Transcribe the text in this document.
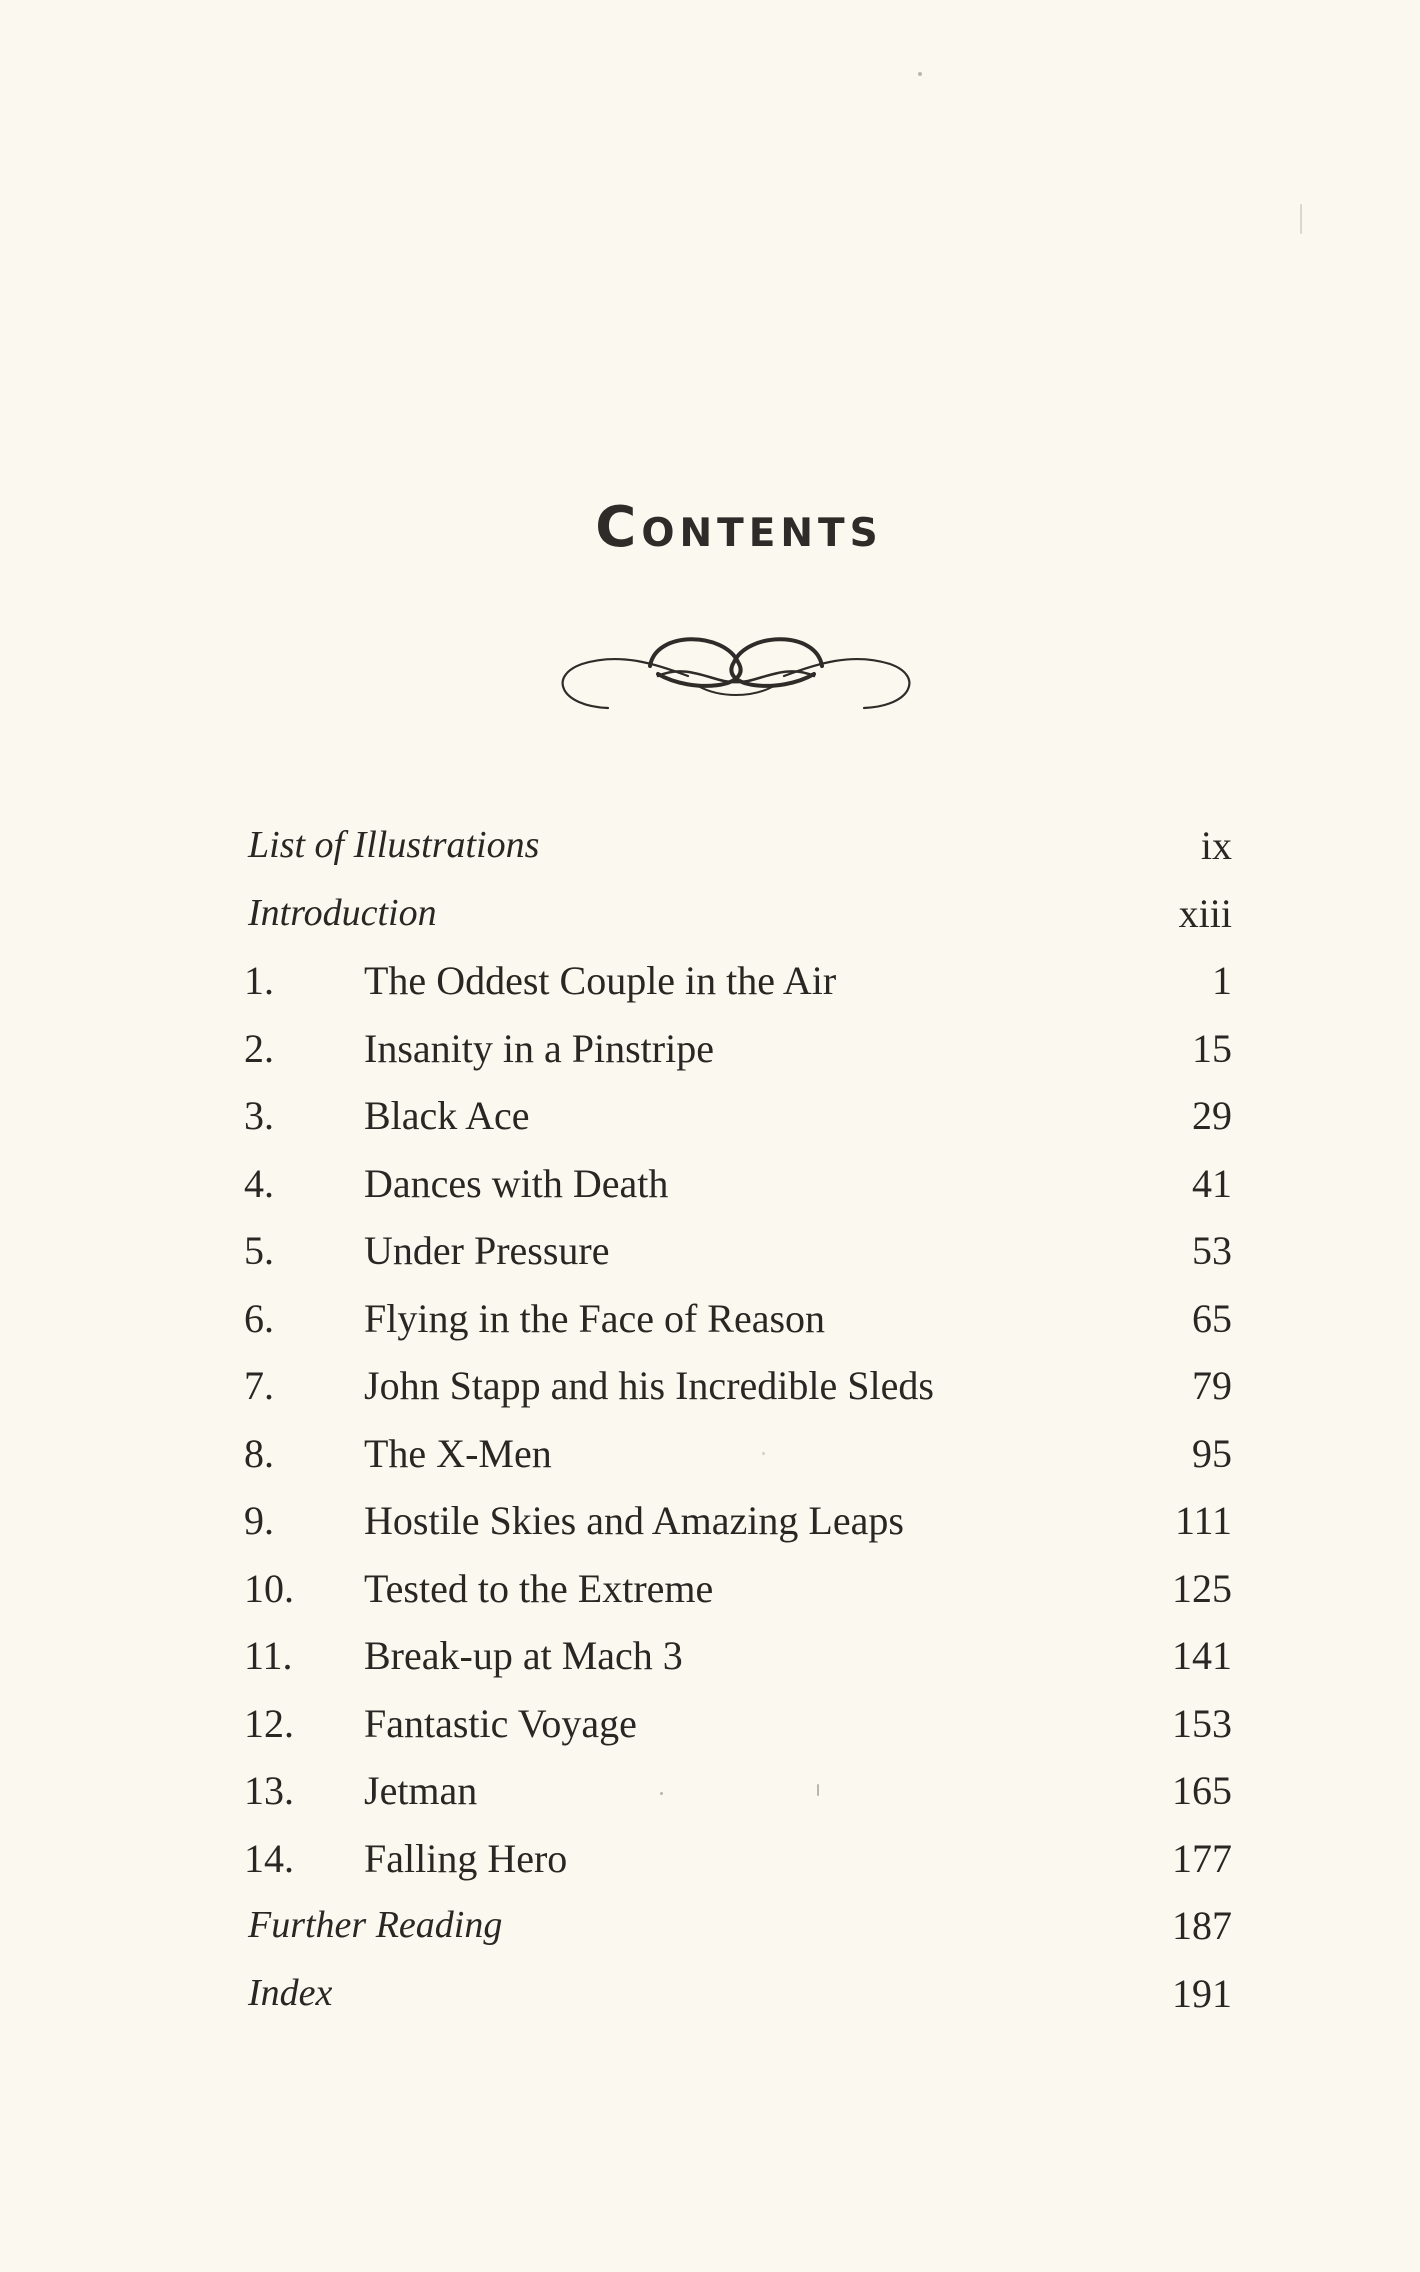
Contents
List of Illustrations	ix
Introduction	xiii
1. The Oddest Couple in the Air	1
2. Insanity in a Pinstripe	15
3. Black Ace	29
4. Dances with Death	41
5. Under Pressure	53
6. Flying in the Face of Reason	65
7. John Stapp and his Incredible Sleds	79
8. The X-Men	95
9. Hostile Skies and Amazing Leaps	111
10. Tested to the Extreme	125
11. Break-up at Mach 3	141
12. Fantastic Voyage	153
13. Jetman	165
14. Falling Hero	177
Further Reading	187
Index	191
